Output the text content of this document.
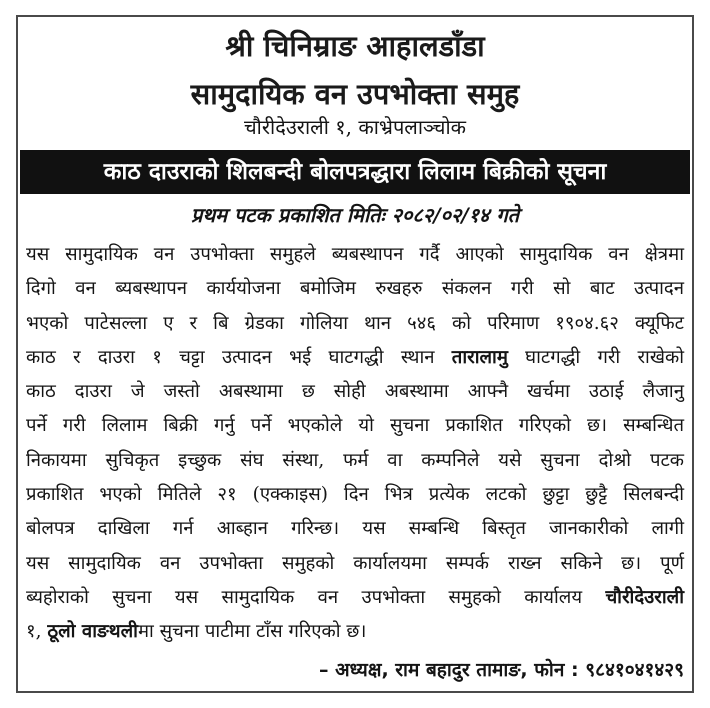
श्री चिनिम्राङ आहालडाँडा
सामुदायिक वन उपभोक्ता समुह
चौरीदेउराली १, काभ्रेपलाञ्चोक
काठ दाउराको शिलबन्दी बोलपत्रद्धारा लिलाम बिक्रीको सूचना
प्रथम पटक प्रकाशित मितिः २०८२/०२/१४ गते
यस सामुदायिक वन उपभोक्ता समुहले ब्यबस्थापन गर्दै आएको सामुदायिक वन क्षेत्रमा
दिगो वन ब्यबस्थापन कार्ययोजना बमोजिम रुखहरु संकलन गरी सो बाट उत्पादन
भएको पाटेसल्ला ए र बि ग्रेडका गोलिया थान ५४६ को परिमाण १९०४.६२ क्यूफिट
काठ र दाउरा १ चट्टा उत्पादन भई घाटगद्धी स्थान तारालामु घाटगद्धी गरी राखेको
काठ दाउरा जे जस्तो अबस्थामा छ सोही अबस्थामा आफ्नै खर्चमा उठाई लैजानु
पर्ने गरी लिलाम बिक्री गर्नु पर्ने भएकोले यो सुचना प्रकाशित गरिएको छ। सम्बन्धित
निकायमा सुचिकृत इच्छुक संघ संस्था, फर्म वा कम्पनिले यसे सुचना दोश्रो पटक
प्रकाशित भएको मितिले २१ (एक्काइस) दिन भित्र प्रत्येक लटको छुट्टा छुट्टै सिलबन्दी
बोलपत्र दाखिला गर्न आब्हान गरिन्छ। यस सम्बन्धि बिस्तृत जानकारीको लागी
यस सामुदायिक वन उपभोक्ता समुहको कार्यालयमा सम्पर्क राख्न सकिने छ। पूर्ण
ब्यहोराको सुचना यस सामुदायिक वन उपभोक्ता समुहको कार्यालय चौरीदेउराली
१, ठूलो वाङथलीमा सुचना पाटीमा टाँस गरिएको छ।
– अध्यक्ष, राम बहादुर तामाङ, फोन : ९८४१०४१४२९
